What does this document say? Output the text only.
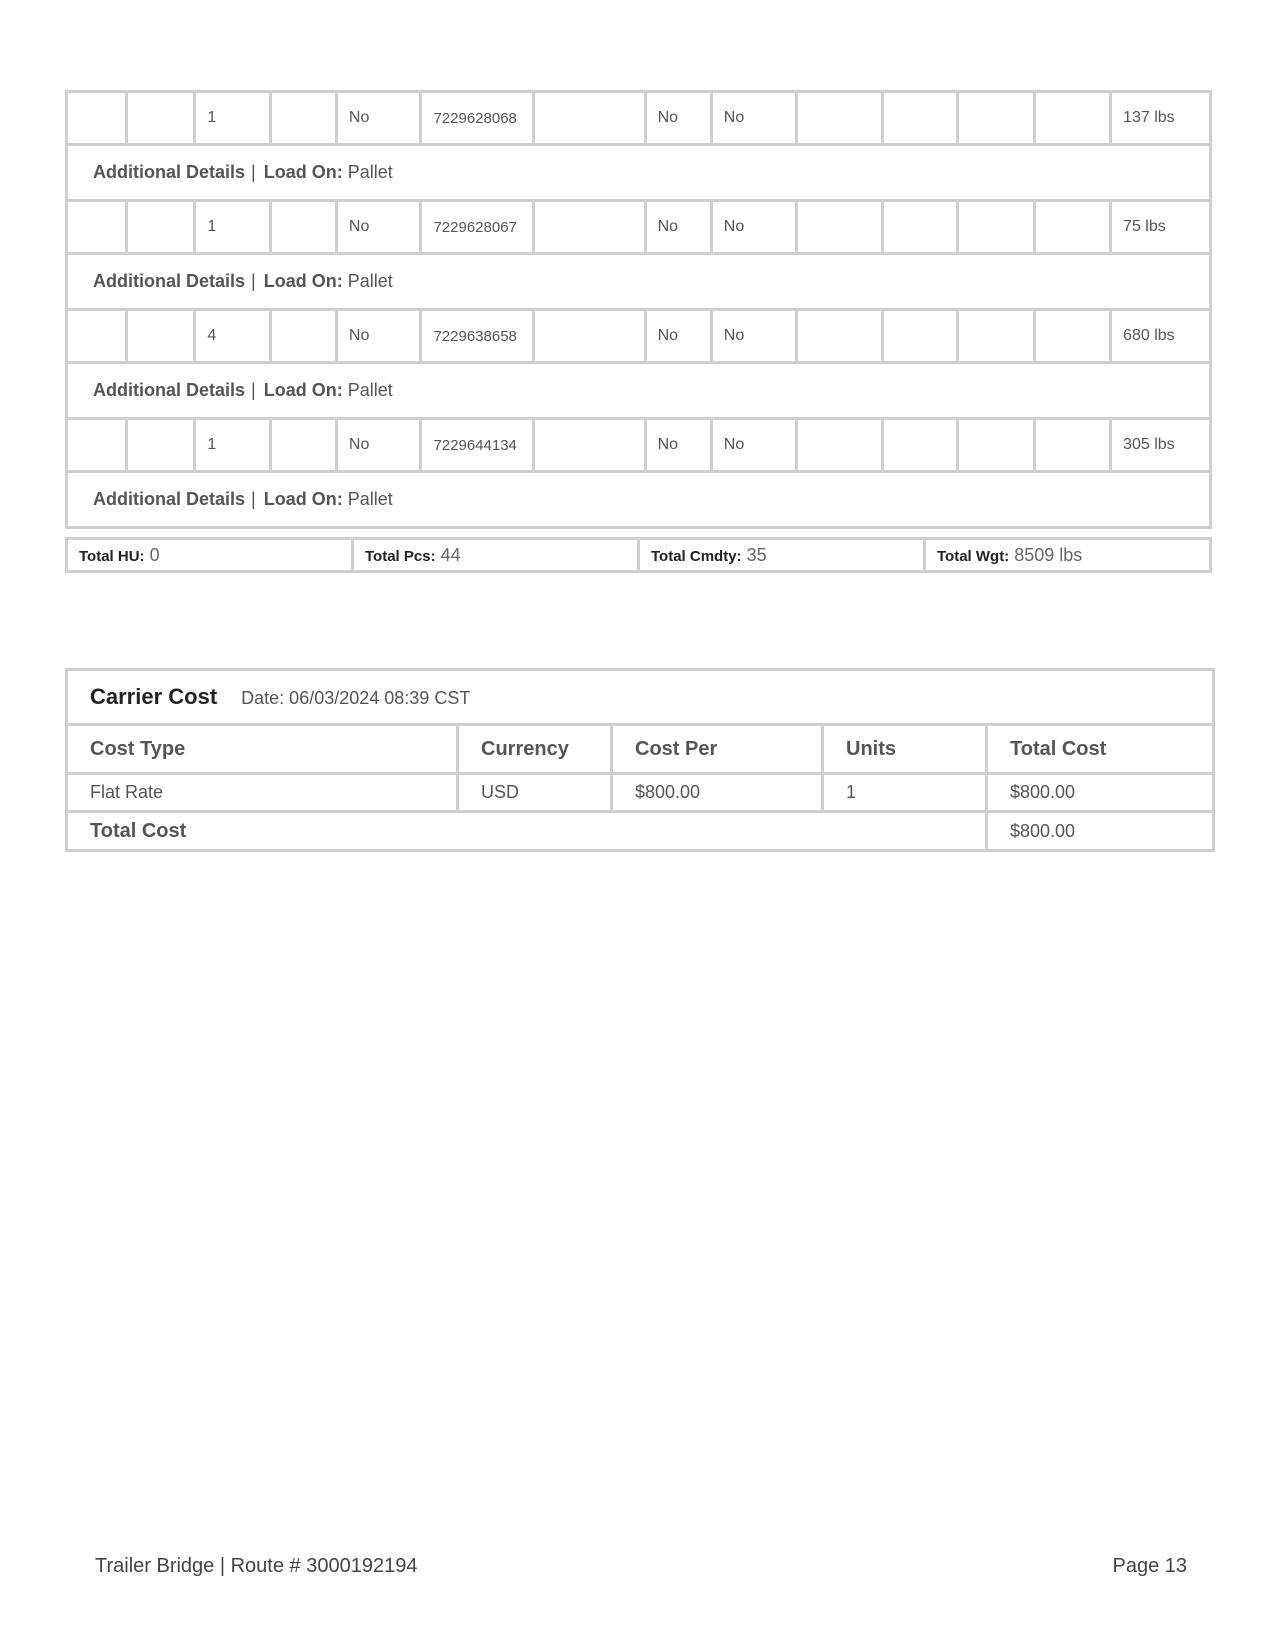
		1		No	7229628068		No	No					137 lbs
Additional Details | Load On: Pallet													
		1		No	7229628067		No	No					75 lbs
Additional Details | Load On: Pallet													
		4		No	7229638658		No	No					680 lbs
Additional Details | Load On: Pallet													
		1		No	7229644134		No	No					305 lbs
Additional Details | Load On: Pallet													
Total HU: 0	Total Pcs: 44	Total Cmdty: 35	Total Wgt: 8509 lbs
Carrier Cost Date: 06/03/2024 08:39 CST				
Cost Type	Currency	Cost Per	Units	Total Cost
Flat Rate	USD	$800.00	1	$800.00
Total Cost				$800.00
Trailer Bridge | Route # 3000192194	Page 13
